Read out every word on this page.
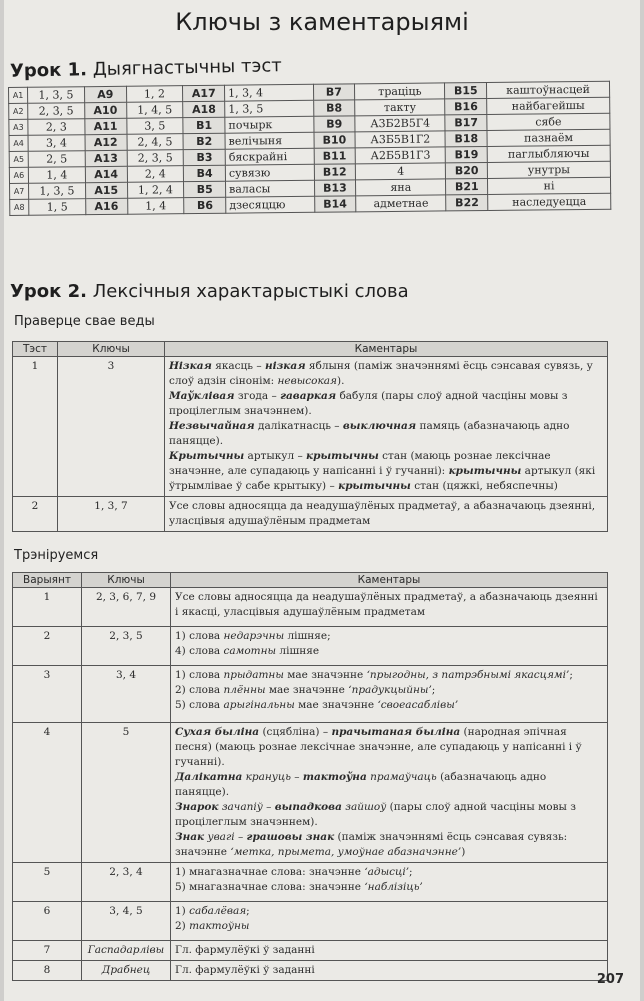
Ключы з каментарыямі
Урок 1. Дыягнастычны тэст
А1	1, 3, 5	А9	1, 2	А17	1, 3, 4	В7	траціць	В15	каштоўнасцей
А2	2, 3, 5	А10	1, 4, 5	А18	1, 3, 5	В8	такту	В16	найбагейшы
А3	2, 3	А11	3, 5	В1	почырк	В9	А3Б2В5Г4	В17	сябе
А4	3, 4	А12	2, 4, 5	В2	велічыня	В10	А3Б5В1Г2	В18	пазнаём
А5	2, 5	А13	2, 3, 5	В3	бяскрайні	В11	А2Б5В1Г3	В19	паглыбляючы
А6	1, 4	А14	2, 4	В4	сувязю	В12	4	В20	унутры
А7	1, 3, 5	А15	1, 2, 4	В5	валасы	В13	яна	В21	ні
А8	1, 5	А16	1, 4	В6	дзесяццю	В14	адметнае	В22	наследуецца
Урок 2. Лексічныя характарыстыкі слова

Праверце свае веды

Тэст	Ключы	Каментары
1	3	Нізкая якасць – нізкая яблыня (паміж значэннямі ёсць сэнсавая сувязь, у слоў адзін сінонім: невысокая).
Маўклівая згода – гаваркая бабуля (пары слоў адной часціны мовы з процілеглым значэннем).
Незвычайная далікатнасць – выключная памяць (абазначаюць адно паняцце).
Крытычны артыкул – крытычны стан (маюць рознае лексічнае значэнне, але супадаюць у напісанні і ў гучанні): крытычны артыкул (які ўтрымлівае ў сабе крытыку) – крытычны стан (цяжкі, небяспечны)

2	1, 3, 7	Усе словы адносяцца да неадушаўлёных прадметаў, а абазначаюць дзеянні, уласцівыя адушаўлёным прадметам

Трэніруемся

Варыянт	Ключы	Каментары
1	2, 3, 6, 7, 9	Усе словы адносяцца да неадушаўлёных прадметаў, а абазначаюць дзеянні і якасці, уласцівыя адушаўлёным прадметам
2	2, 3, 5	1) слова недарэчны лішняе;
4) слова самотны лішняе

3	3, 4	1) слова прыдатны мае значэнне ‘прыгодны, з патрэбнымі якасцямі’;
2) слова плённы мае значэнне ‘прадукцыйны’;
5) слова арыгінальны мае значэнне ‘своеасаблівы’

4	5	Сухая быліна (сцябліна) – прачытаная быліна (народная эпічная песня) (маюць рознае лексічнае значэнне, але супадаюць у напісанні і ў гучанні).
Далікатна крануць – тактоўна прамаўчаць (абазначаюць адно паняцце).
Знарок зачапіў – выпадкова зайшоў (пары слоў адной часціны мовы з процілеглым значэннем).
Знак увагі – грашовы знак (паміж значэннямі ёсць сэнсавая сувязь: значэнне ‘метка, прымета, умоўнае абазначэнне’)

5	2, 3, 4	1) мнагазначнае слова: значэнне ‘адысці’;
5) мнагазначнае слова: значэнне ‘наблізіць’

6	3, 4, 5	1) сабалёвая;
2) тактоўны

7	Гаспадарлівы	Гл. фармулёўкі ў заданні
8	Драбнец	Гл. фармулёўкі ў заданні
207
